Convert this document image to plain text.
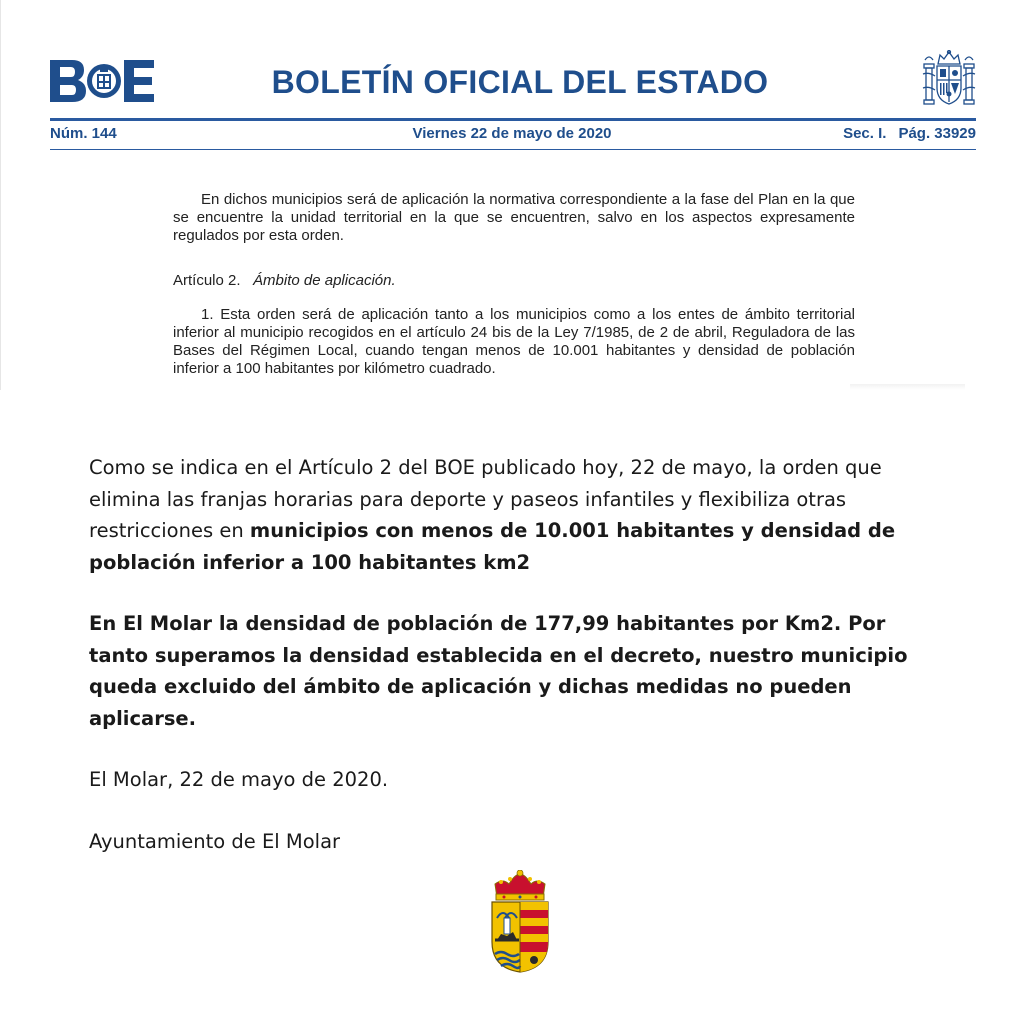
BOLETÍN OFICIAL DEL ESTADO
Núm. 144	Viernes 22 de mayo de 2020	Sec. I. Pág. 33929
En dichos municipios será de aplicación la normativa correspondiente a la fase del Plan en la que se encuentre la unidad territorial en la que se encuentren, salvo en los aspectos expresamente regulados por esta orden.
Artículo 2. Ámbito de aplicación.
1. Esta orden será de aplicación tanto a los municipios como a los entes de ámbito territorial inferior al municipio recogidos en el artículo 24 bis de la Ley 7/1985, de 2 de abril, Reguladora de las Bases del Régimen Local, cuando tengan menos de 10.001 habitantes y densidad de población inferior a 100 habitantes por kilómetro cuadrado.

Como se indica en el Artículo 2 del BOE publicado hoy, 22 de mayo, la orden que elimina las franjas horarias para deporte y paseos infantiles y flexibiliza otras restricciones en municipios con menos de 10.001 habitantes y densidad de población inferior a 100 habitantes km2

En El Molar la densidad de población de 177,99 habitantes por Km2. Por tanto superamos la densidad establecida en el decreto, nuestro municipio queda excluido del ámbito de aplicación y dichas medidas no pueden aplicarse.

El Molar, 22 de mayo de 2020.

Ayuntamiento de El Molar
